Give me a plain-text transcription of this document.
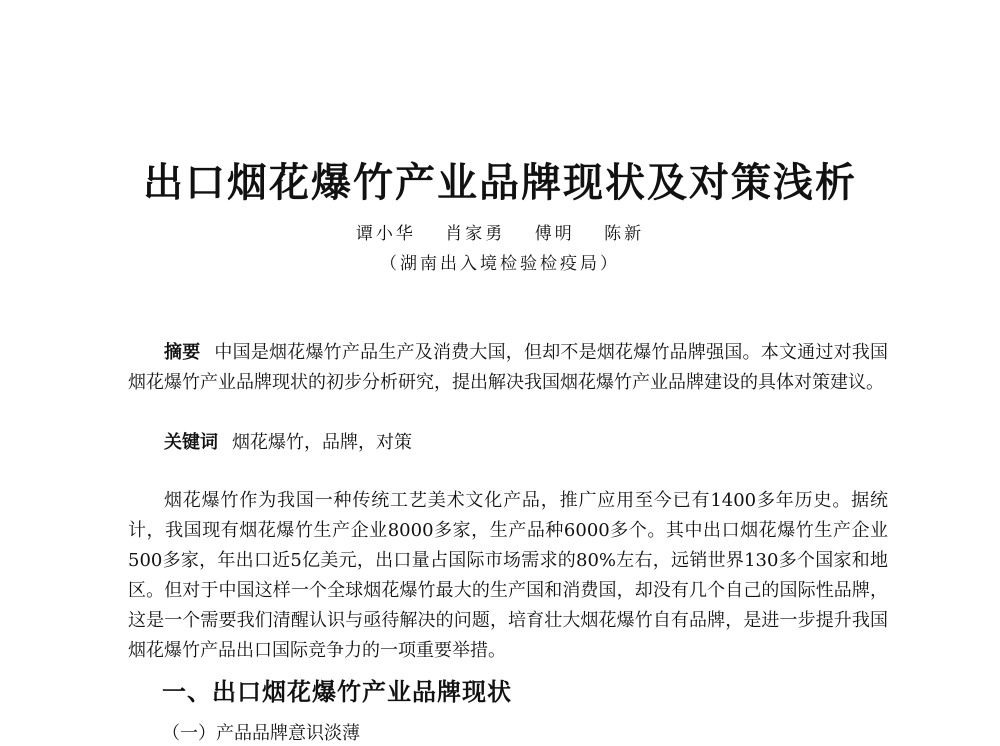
出口烟花爆竹产业品牌现状及对策浅析
谭小华 肖家勇 傅明 陈新
（湖南出入境检验检疫局）

摘要 中国是烟花爆竹产品生产及消费大国，但却不是烟花爆竹品牌强国。本文通过对我国烟花爆竹产业品牌现状的初步分析研究，提出解决我国烟花爆竹产业品牌建设的具体对策建议。

关键词 烟花爆竹，品牌，对策

烟花爆竹作为我国一种传统工艺美术文化产品，推广应用至今已有1400多年历史。据统计，我国现有烟花爆竹生产企业8000多家，生产品种6000多个。其中出口烟花爆竹生产企业500多家，年出口近5亿美元，出口量占国际市场需求的80%左右，远销世界130多个国家和地区。但对于中国这样一个全球烟花爆竹最大的生产国和消费国，却没有几个自己的国际性品牌，这是一个需要我们清醒认识与亟待解决的问题，培育壮大烟花爆竹自有品牌，是进一步提升我国烟花爆竹产品出口国际竞争力的一项重要举措。

一、出口烟花爆竹产业品牌现状
（一）产品品牌意识淡薄
